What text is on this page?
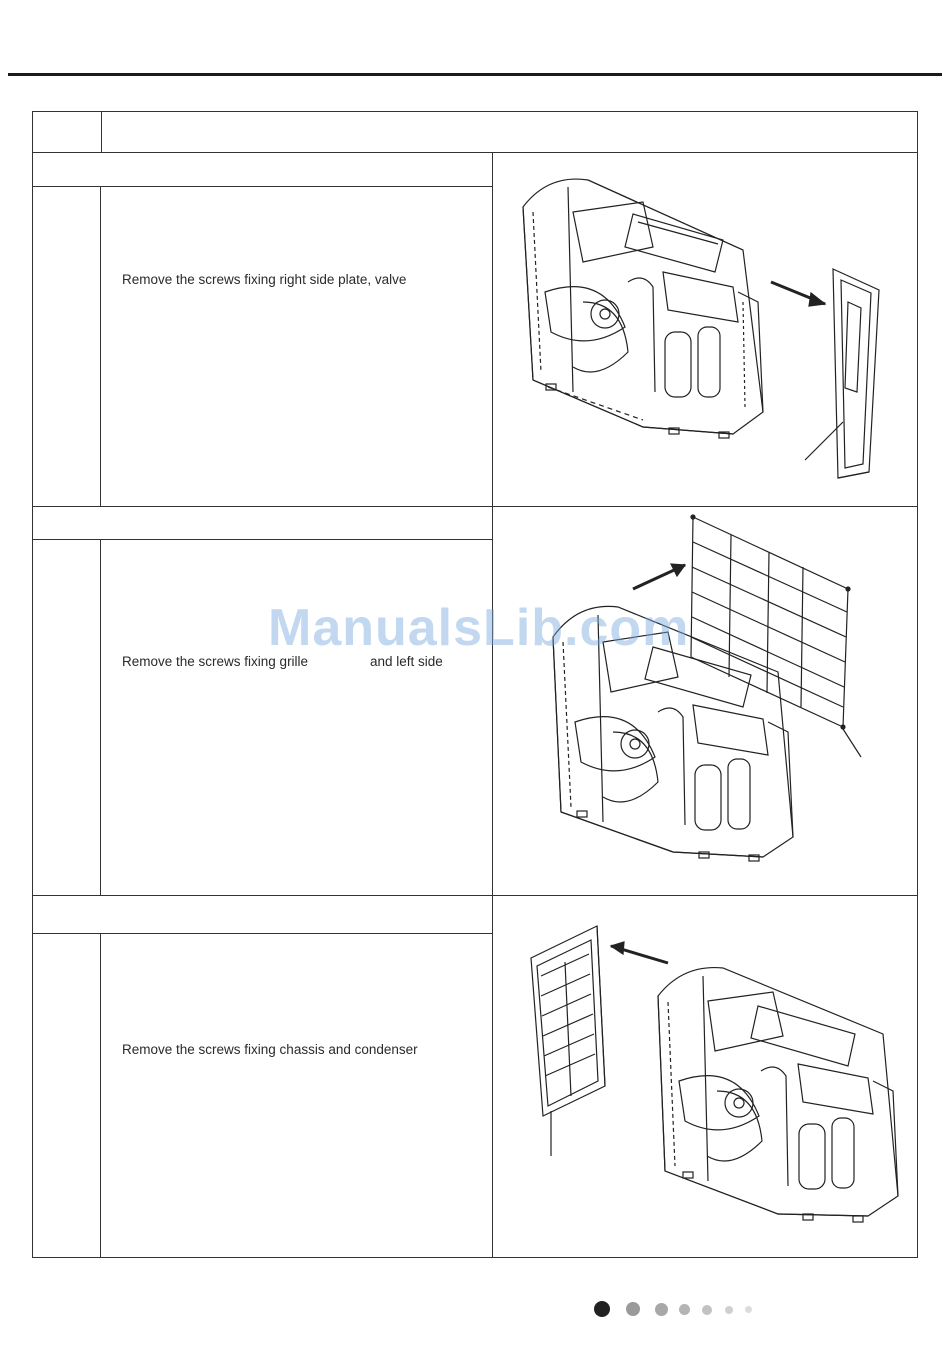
Remove the screws fixing right side plate, valve
Remove the screws fixing grille	and left side
Remove the screws fixing chassis and condenser
ManualsLib.com
